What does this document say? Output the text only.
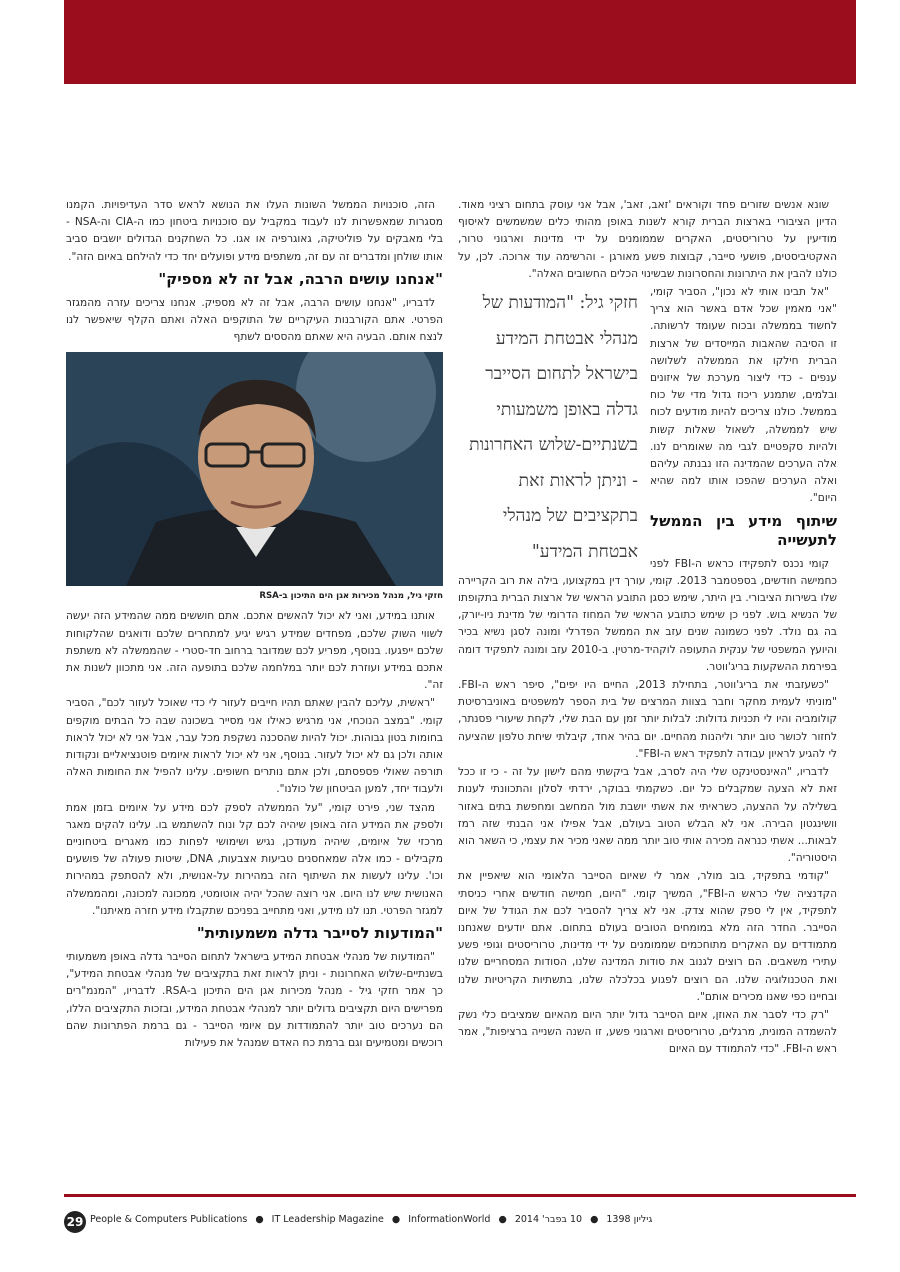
שונא אנשים שזורים פחד וקוראים 'זאב, זאב', אבל אני עוסק בתחום רציני מאוד. הדיון הציבורי בארצות הברית קורא לשנות באופן מהותי כלים שמשמשים לאיסוף מודיעין על טרוריסטים, האקרים שממומנים על ידי מדינות וארגוני טרור, האקטיביסטים, פושעי סייבר, קבוצות פשע מאורגן - והרשימה עוד ארוכה. לכן, על כולנו להבין את היתרונות והחסרונות שבשינוי הכלים החשובים האלה".

חזקי גיל: "המודעות של מנהלי אבטחת המידע בישראל לתחום הסייבר גדלה באופן משמעותי בשנתיים-שלוש האחרונות - וניתן לראות זאת בתקציבים של מנהלי אבטחת המידע"

"אל תבינו אותי לא נכון", הסביר קומי, "אני מאמין שכל אדם באשר הוא צריך לחשוד בממשלה ובכוח שעומד לרשותה. זו הסיבה שהאבות המייסדים של ארצות הברית חילקו את הממשלה לשלושה ענפים - כדי ליצור מערכת של איזונים ובלמים, שתמנע ריכוז גדול מדי של כוח בממשל. כולנו צריכים להיות מודעים לכוח שיש לממשלה, לשאול שאלות קשות ולהיות סקפטיים לגבי מה שאומרים לנו. אלה הערכים שהמדינה הזו נבנתה עליהם ואלה הערכים שהפכו אותו למה שהיא היום".

שיתוף מידע בין הממשל לתעשייה

קומי נכנס לתפקידו כראש ה-FBI לפני כחמישה חודשים, בספטמבר 2013. קומי, עורך דין במקצועו, בילה את רוב הקריירה שלו בשירות הציבורי. בין היתר, שימש כסגן התובע הראשי של ארצות הברית בתקופתו של הנשיא בוש. לפני כן שימש כתובע הראשי של המחוז הדרומי של מדינת ניו-יורק, בה גם נולד. לפני כשמונה שנים עזב את הממשל הפדרלי ומונה לסגן נשיא בכיר והיועץ המשפטי של ענקית התעופה לוקהיד-מרטין. ב-2010 עזב ומונה לתפקיד דומה בפירמת ההשקעות בריג'ווטר.

"כשעזבתי את בריג'ווטר, בתחילת 2013, החיים היו יפים", סיפר ראש ה-FBI. "מוניתי לעמית מחקר וחבר בצוות המרצים של בית הספר למשפטים באוניברסיטת קולומביה והיו לי תכניות גדולות: לבלות יותר זמן עם הבת שלי, לקחת שיעורי פסנתר, לחזור לכושר טוב יותר וליהנות מהחיים. יום בהיר אחד, קיבלתי שיחת טלפון שהציעה לי להגיע לראיון עבודה לתפקיד ראש ה-FBI".

לדבריו, "האינסטינקט שלי היה לסרב, אבל ביקשתי מהם לישון על זה - כי זו ככל זאת לא הצעה שמקבלים כל יום. כשקמתי בבוקר, ירדתי לסלון והתכוונתי לענות בשלילה על ההצעה, כשראיתי את אשתי יושבת מול המחשב ומחפשת בתים באזור וושינגטון הבירה. אני לא הבלש הטוב בעולם, אבל אפילו אני הבנתי שזה רמז לבאות... אשתי כנראה מכירה אותי טוב יותר ממה שאני מכיר את עצמי, כי השאר הוא היסטוריה".

"קודמי בתפקיד, בוב מולר, אמר לי שאיום הסייבר הלאומי הוא שיאפיין את הקדנציה שלי כראש ה-FBI", המשיך קומי. "היום, חמישה חודשים אחרי כניסתי לתפקיד, אין לי ספק שהוא צדק. אני לא צריך להסביר לכם את הגודל של איום הסייבר. החדר הזה מלא במומחים הטובים בעולם בתחום. אתם יודעים שאנחנו מתמודדים עם האקרים מתוחכמים שממומנים על ידי מדינות, טרוריסטים וגופי פשע עתירי משאבים. הם רוצים לגנוב את סודות המדינה שלנו, הסודות המסחריים שלנו ואת הטכנולוגיה שלנו. הם רוצים לפגוע בכלכלה שלנו, בתשתיות הקריטיות שלנו ובחיינו כפי שאנו מכירים אותם".

"רק כדי לסבר את האוזן, איום הסייבר גדול יותר היום מהאיום שמציבים כלי נשק להשמדה המונית, מרגלים, טרוריסטים וארגוני פשע, זו השנה השנייה ברציפות", אמר ראש ה-FBI. "כדי להתמודד עם האיום

הזה, סוכנויות הממשל השונות העלו את הנושא לראש סדר העדיפויות. הקמנו מסגרות שמאפשרות לנו לעבוד במקביל עם סוכנויות ביטחון כמו ה-CIA וה-NSA - בלי מאבקים על פוליטיקה, גאוגרפיה או אגו. כל השחקנים הגדולים יושבים סביב אותו שולחן ומדברים זה עם זה, משתפים מידע ופועלים יחד כדי להילחם באיום הזה".

"אנחנו עושים הרבה, אבל זה לא מספיק"

לדבריו, "אנחנו עושים הרבה, אבל זה לא מספיק. אנחנו צריכים עזרה מהמגזר הפרטי. אתם הקורבנות העיקריים של התוקפים האלה ואתם הקלף שיאפשר לנו לנצח אותם. הבעיה היא שאתם מהססים לשתף

חזקי גיל, מנהל מכירות אגן הים התיכון ב-RSA

אותנו במידע, ואני לא יכול להאשים אתכם. אתם חוששים ממה שהמידע הזה יעשה לשווי השוק שלכם, מפחדים שמידע רגיש יגיע למתחרים שלכם ודואגים שהלקוחות שלכם ייפגעו. בנוסף, מפריע לכם שמדובר ברחוב חד-סטרי - שהממשלה לא משתפת אתכם במידע ועוזרת לכם יותר במלחמה שלכם בתופעה הזה. אני מתכוון לשנות את זה".

"ראשית, עליכם להבין שאתם תהיו חייבים לעזור לי כדי שאוכל לעזור לכם", הסביר קומי. "במצב הנוכחי, אני מרגיש כאילו אני מסייר בשכונה שבה כל הבתים מוקפים בחומות בטון גבוהות. יכול להיות שהסכנה נשקפת מכל עבר, אבל אני לא יכול לראות אותה ולכן גם לא יכול לעזור. בנוסף, אני לא יכול לראות איומים פוטנציאליים ונקודות תורפה שאולי פספסתם, ולכן אתם נותרים חשופים. עלינו להפיל את החומות האלה ולעבוד יחד, למען הביטחון של כולנו".

מהצד שני, פירט קומי, "על הממשלה לספק לכם מידע על איומים בזמן אמת ולספק את המידע הזה באופן שיהיה לכם קל ונוח להשתמש בו. עלינו להקים מאגר מרכזי של איומים, שיהיה מעודכן, נגיש ושימושי לפחות כמו מאגרים ביטחוניים מקבילים - כמו אלה שמאחסנים טביעות אצבעות, DNA, שיטות פעולה של פושעים וכו'. עלינו לעשות את השיתוף הזה במהירות על-אנושית, ולא להסתפק במהירות האנושית שיש לנו היום. אני רוצה שהכל יהיה אוטומטי, ממכונה למכונה, ומהממשלה למגזר הפרטי. תנו לנו מידע, ואני מתחייב בפניכם שתקבלו מידע חזרה מאיתנו".

"המודעות לסייבר גדלה משמעותית"

"המודעות של מנהלי אבטחת המידע בישראל לתחום הסייבר גדלה באופן משמעותי בשנתיים-שלוש האחרונות - וניתן לראות זאת בתקציבים של מנהלי אבטחת המידע", כך אמר חזקי גיל - מנהל מכירות אגן הים התיכון ב-RSA. לדבריו, "המנמ"רים מפרישים היום תקציבים גדולים יותר למנהלי אבטחת המידע, ובזכות התקציבים הללו, הם נערכים טוב יותר להתמודדות עם איומי הסייבר - גם ברמת הפתרונות שהם רוכשים ומטמיעים וגם ברמת כח האדם שמנהל את פעילות

29 People & Computers Publications ● IT Leadership Magazine ● InformationWorld ● 10 בפבר' 2014 ● גיליון 1398
